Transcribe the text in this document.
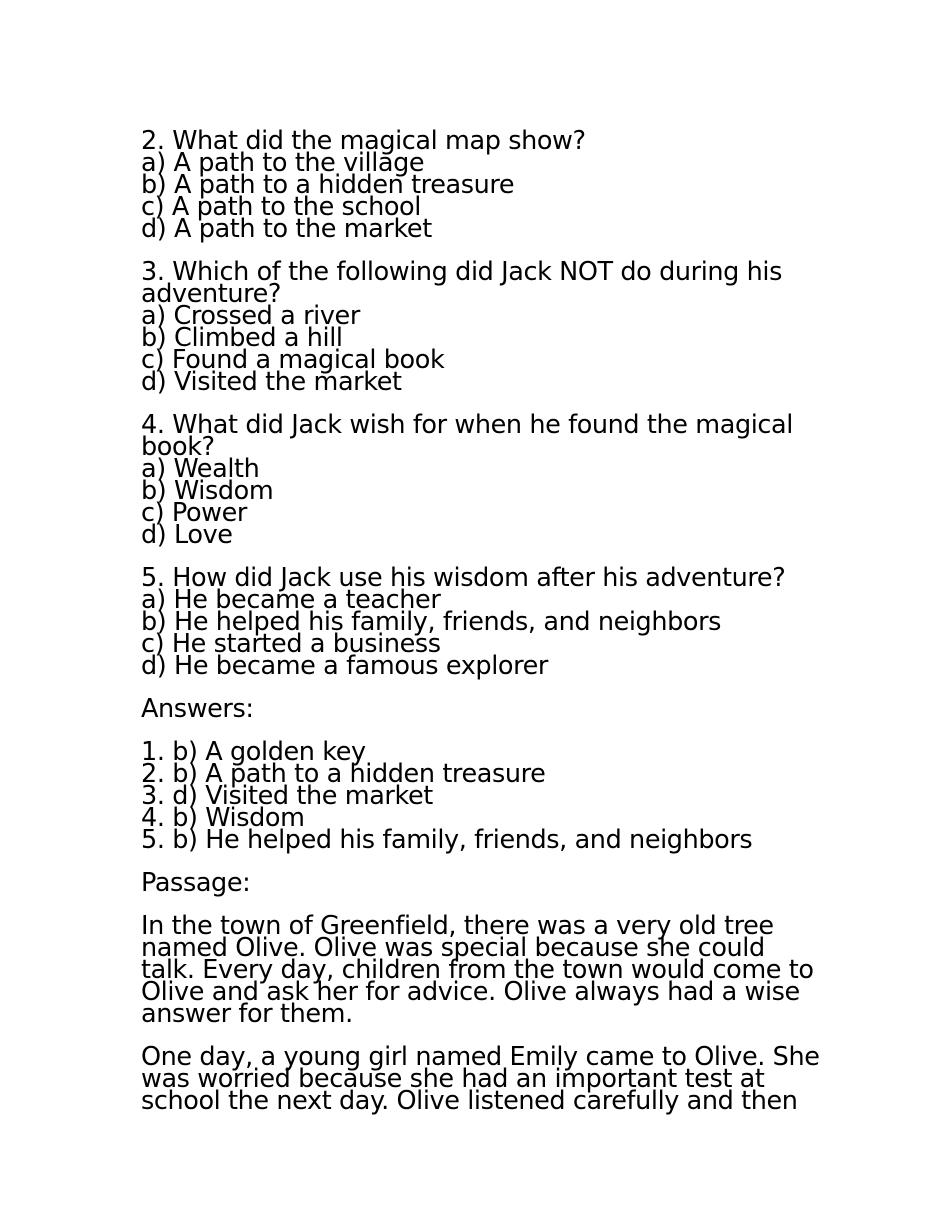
2. What did the magical map show?
a) A path to the village
b) A path to a hidden treasure
c) A path to the school
d) A path to the market
3. Which of the following did Jack NOT do during his adventure?
a) Crossed a river
b) Climbed a hill
c) Found a magical book
d) Visited the market
4. What did Jack wish for when he found the magical book?
a) Wealth
b) Wisdom
c) Power
d) Love
5. How did Jack use his wisdom after his adventure?
a) He became a teacher
b) He helped his family, friends, and neighbors
c) He started a business
d) He became a famous explorer
Answers:
1. b) A golden key
2. b) A path to a hidden treasure
3. d) Visited the market
4. b) Wisdom
5. b) He helped his family, friends, and neighbors
Passage:
In the town of Greenfield, there was a very old tree named Olive. Olive was special because she could talk. Every day, children from the town would come to Olive and ask her for advice. Olive always had a wise answer for them.
One day, a young girl named Emily came to Olive. She was worried because she had an important test at school the next day. Olive listened carefully and then
